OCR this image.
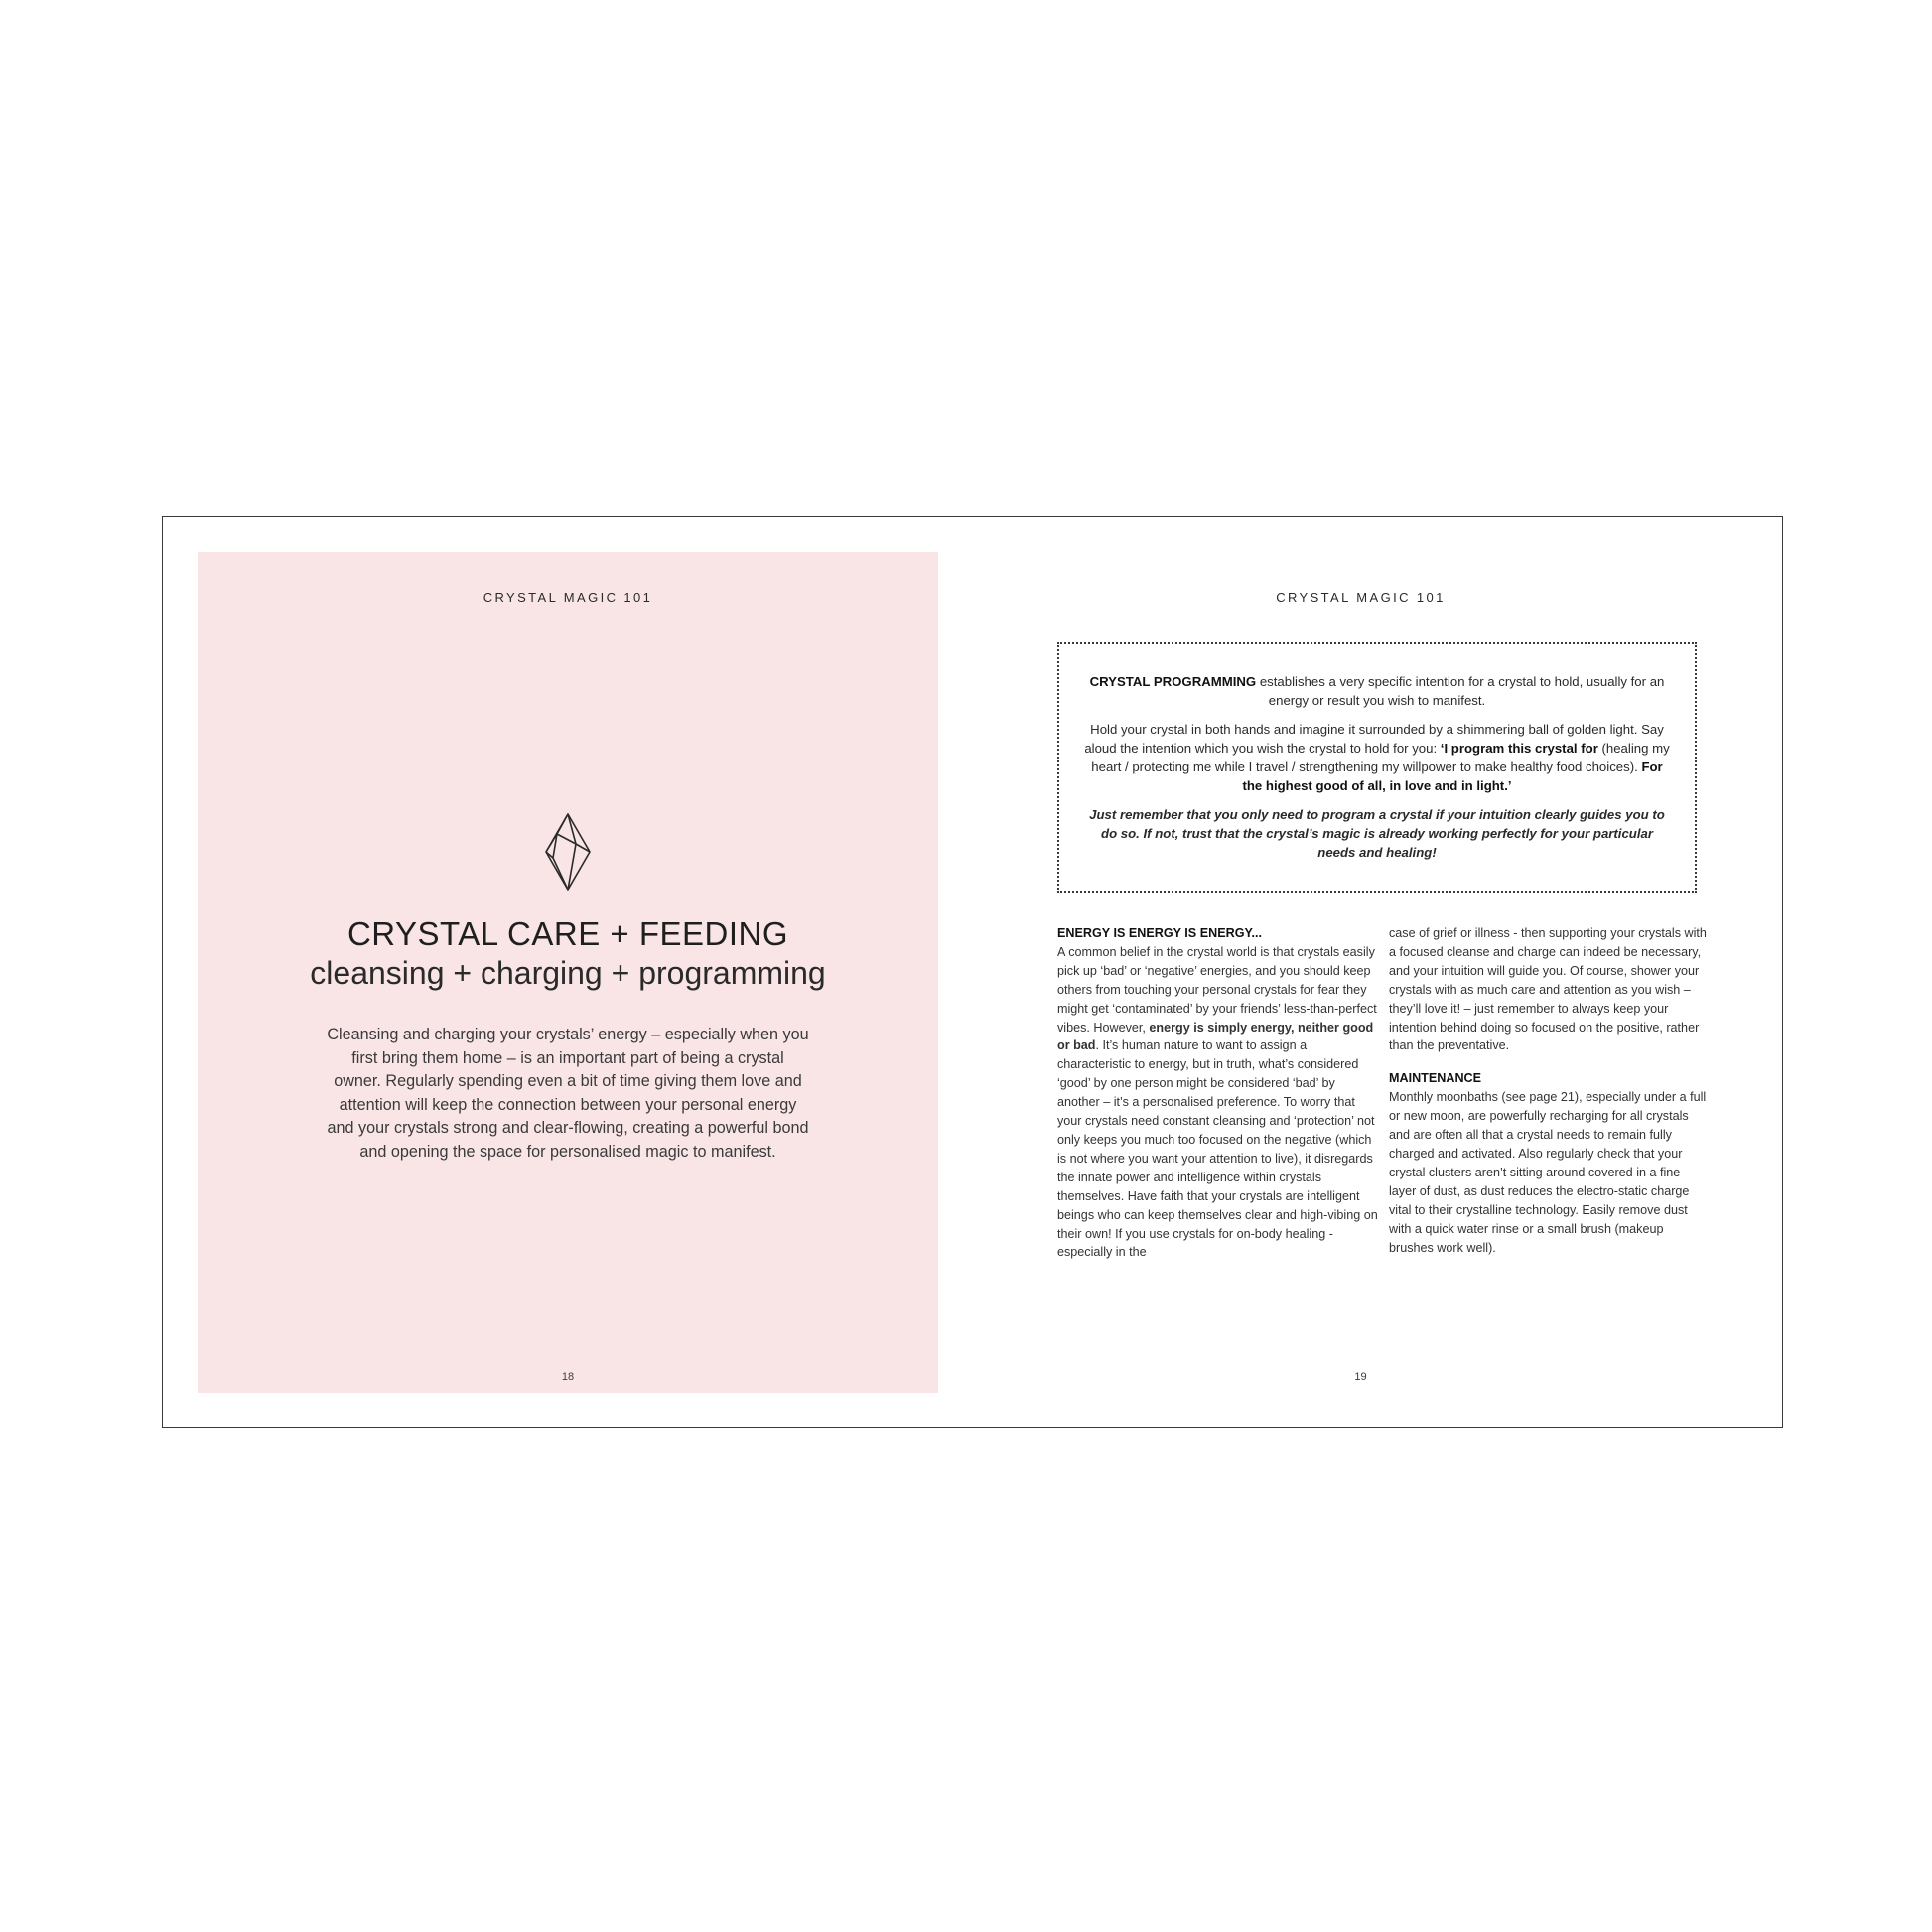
CRYSTAL MAGIC 101
CRYSTAL CARE + FEEDING
cleansing + charging + programming

Cleansing and charging your crystals’ energy – especially when you first bring them home – is an important part of being a crystal owner. Regularly spending even a bit of time giving them love and attention will keep the connection between your personal energy and your crystals strong and clear-flowing, creating a powerful bond and opening the space for personalised magic to manifest.

18
CRYSTAL MAGIC 101

CRYSTAL PROGRAMMING establishes a very specific intention for a crystal to hold, usually for an energy or result you wish to manifest.

Hold your crystal in both hands and imagine it surrounded by a shimmering ball of golden light. Say aloud the intention which you wish the crystal to hold for you: ‘I program this crystal for (healing my heart / protecting me while I travel / strengthening my willpower to make healthy food choices). For the highest good of all, in love and in light.’

Just remember that you only need to program a crystal if your intuition clearly guides you to do so. If not, trust that the crystal’s magic is already working perfectly for your particular needs and healing!

ENERGY IS ENERGY IS ENERGY...

A common belief in the crystal world is that crystals easily pick up ‘bad’ or ‘negative’ energies, and you should keep others from touching your personal crystals for fear they might get ‘contaminated’ by your friends’ less-than-perfect vibes. However, energy is simply energy, neither good or bad. It’s human nature to want to assign a characteristic to energy, but in truth, what’s considered ‘good’ by one person might be considered ‘bad’ by another – it’s a personalised preference. To worry that your crystals need constant cleansing and ‘protection’ not only keeps you much too focused on the negative (which is not where you want your attention to live), it disregards the innate power and intelligence within crystals themselves. Have faith that your crystals are intelligent beings who can keep themselves clear and high-vibing on their own! If you use crystals for on-body healing - especially in the

case of grief or illness - then supporting your crystals with a focused cleanse and charge can indeed be necessary, and your intuition will guide you. Of course, shower your crystals with as much care and attention as you wish – they’ll love it! – just remember to always keep your intention behind doing so focused on the positive, rather than the preventative.

MAINTENANCE

Monthly moonbaths (see page 21), especially under a full or new moon, are powerfully recharging for all crystals and are often all that a crystal needs to remain fully charged and activated. Also regularly check that your crystal clusters aren’t sitting around covered in a fine layer of dust, as dust reduces the electro-static charge vital to their crystalline technology. Easily remove dust with a quick water rinse or a small brush (makeup brushes work well).

19
